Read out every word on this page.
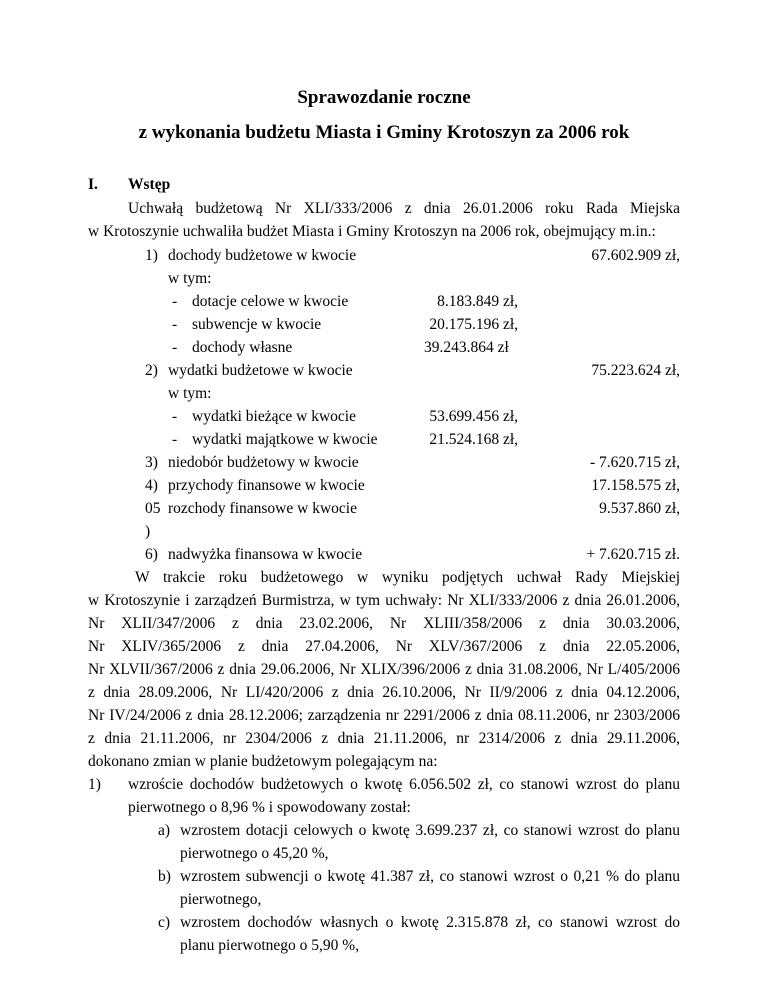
Sprawozdanie roczne
z wykonania budżetu Miasta i Gminy Krotoszyn za 2006 rok
I. Wstęp
Uchwałą budżetową Nr XLI/333/2006 z dnia 26.01.2006 roku Rada Miejska
w Krotoszynie uchwaliła budżet Miasta i Gminy Krotoszyn na 2006 rok, obejmujący m.in.:
1) dochody budżetowe w kwocie	67.602.909 zł,
w tym:
- dotacje celowe w kwocie	8.183.849 zł,
- subwencje w kwocie	20.175.196 zł,
- dochody własne	39.243.864 zł
2) wydatki budżetowe w kwocie	75.223.624 zł,
w tym:
- wydatki bieżące w kwocie	53.699.456 zł,
- wydatki majątkowe w kwocie	21.524.168 zł,
3) niedobór budżetowy w kwocie	- 7.620.715 zł,
4) przychody finansowe w kwocie	17.158.575 zł,
05 rozchody finansowe w kwocie	9.537.860 zł,
)
6) nadwyżka finansowa w kwocie	+ 7.620.715 zł.
W trakcie roku budżetowego w wyniku podjętych uchwał Rady Miejskiej
w Krotoszynie i zarządzeń Burmistrza, w tym uchwały: Nr XLI/333/2006 z dnia 26.01.2006,
Nr XLII/347/2006 z dnia 23.02.2006, Nr XLIII/358/2006 z dnia 30.03.2006,
Nr XLIV/365/2006 z dnia 27.04.2006, Nr XLV/367/2006 z dnia 22.05.2006,
Nr XLVII/367/2006 z dnia 29.06.2006, Nr XLIX/396/2006 z dnia 31.08.2006, Nr L/405/2006
z dnia 28.09.2006, Nr LI/420/2006 z dnia 26.10.2006, Nr II/9/2006 z dnia 04.12.2006,
Nr IV/24/2006 z dnia 28.12.2006; zarządzenia nr 2291/2006 z dnia 08.11.2006, nr 2303/2006
z dnia 21.11.2006, nr 2304/2006 z dnia 21.11.2006, nr 2314/2006 z dnia 29.11.2006,
dokonano zmian w planie budżetowym polegającym na:
1) wzroście dochodów budżetowych o kwotę 6.056.502 zł, co stanowi wzrost do planu
pierwotnego o 8,96 % i spowodowany został:
a) wzrostem dotacji celowych o kwotę 3.699.237 zł, co stanowi wzrost do planu
pierwotnego o 45,20 %,
b) wzrostem subwencji o kwotę 41.387 zł, co stanowi wzrost o 0,21 % do planu
pierwotnego,
c) wzrostem dochodów własnych o kwotę 2.315.878 zł, co stanowi wzrost do
planu pierwotnego o 5,90 %,
